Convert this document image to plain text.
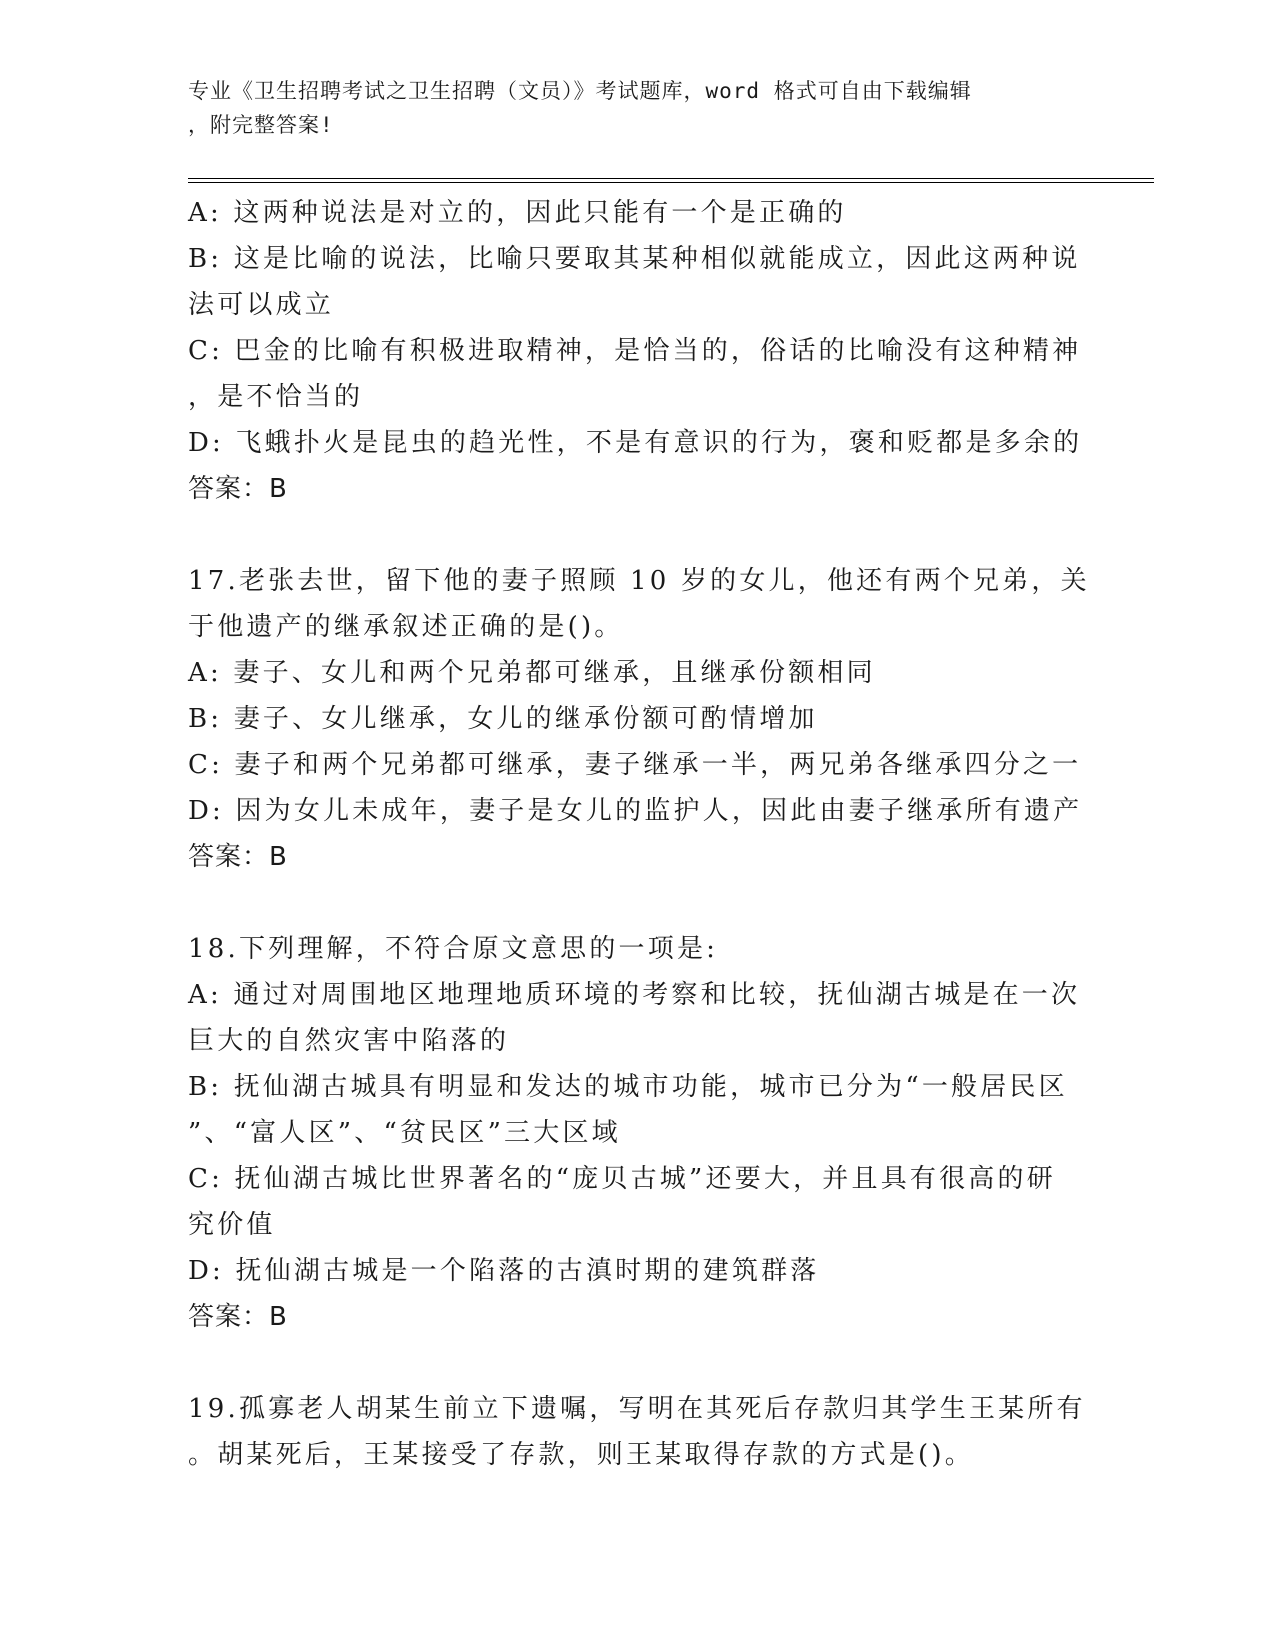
专业《卫生招聘考试之卫生招聘（文员）》考试题库，word 格式可自由下载编辑
，附完整答案!
A: 这两种说法是对立的，因此只能有一个是正确的
B: 这是比喻的说法，比喻只要取其某种相似就能成立，因此这两种说
法可以成立
C: 巴金的比喻有积极进取精神，是恰当的，俗话的比喻没有这种精神
，是不恰当的
D: 飞蛾扑火是昆虫的趋光性，不是有意识的行为，褒和贬都是多余的
答案：B
17.老张去世，留下他的妻子照顾 10 岁的女儿，他还有两个兄弟，关
于他遗产的继承叙述正确的是()。
A: 妻子、女儿和两个兄弟都可继承，且继承份额相同
B: 妻子、女儿继承，女儿的继承份额可酌情增加
C: 妻子和两个兄弟都可继承，妻子继承一半，两兄弟各继承四分之一
D: 因为女儿未成年，妻子是女儿的监护人，因此由妻子继承所有遗产
答案：B
18.下列理解，不符合原文意思的一项是:
A: 通过对周围地区地理地质环境的考察和比较，抚仙湖古城是在一次
巨大的自然灾害中陷落的
B: 抚仙湖古城具有明显和发达的城市功能，城市已分为“一般居民区
”、“富人区”、“贫民区”三大区域
C: 抚仙湖古城比世界著名的“庞贝古城”还要大，并且具有很高的研
究价值
D: 抚仙湖古城是一个陷落的古滇时期的建筑群落
答案：B
19.孤寡老人胡某生前立下遗嘱，写明在其死后存款归其学生王某所有
。胡某死后，王某接受了存款，则王某取得存款的方式是()。
